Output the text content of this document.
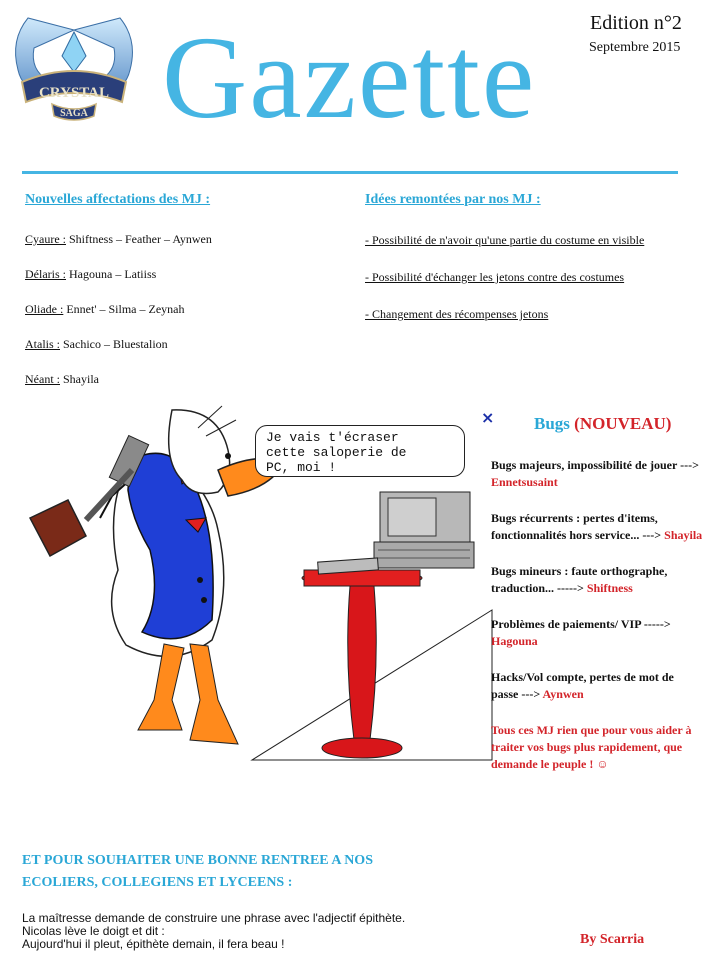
CRYSTAL
SAGA Gazette	Edition n°2
Septembre 2015
Nouvelles affectations des MJ :
Cyaure : Shiftness – Feather – Aynwen
Délaris : Hagouna – Latiiss
Oliade : Ennet' – Silma – Zeynah
Atalis : Sachico – Bluestalion
Néant : Shayila
Idées remontées par nos MJ :
- Possibilité de n'avoir qu'une partie du costume en visible
- Possibilité d'échanger les jetons contre des costumes
- Changement des récompenses jetons
Je vais t'écraser
cette saloperie de
PC, moi !
× Bugs (NOUVEAU)
Bugs majeurs, impossibilité de jouer ---> Ennetsusaint
Bugs récurrents : pertes d'items, fonctionnalités hors service... ---> Shayila
Bugs mineurs : faute orthographe, traduction... -----> Shiftness
Problèmes de paiements/ VIP -----> Hagouna
Hacks/Vol compte, pertes de mot de passe ---> Aynwen
Tous ces MJ rien que pour vous aider à traiter vos bugs plus rapidement, que demande le peuple ! ☺
ET POUR SOUHAITER UNE BONNE RENTREE A NOS
ECOLIERS, COLLEGIENS ET LYCEENS :
La maîtresse demande de construire une phrase avec l'adjectif épithète.
Nicolas lève le doigt et dit :
Aujourd'hui il pleut, épithète demain, il fera beau !	By Scarria
